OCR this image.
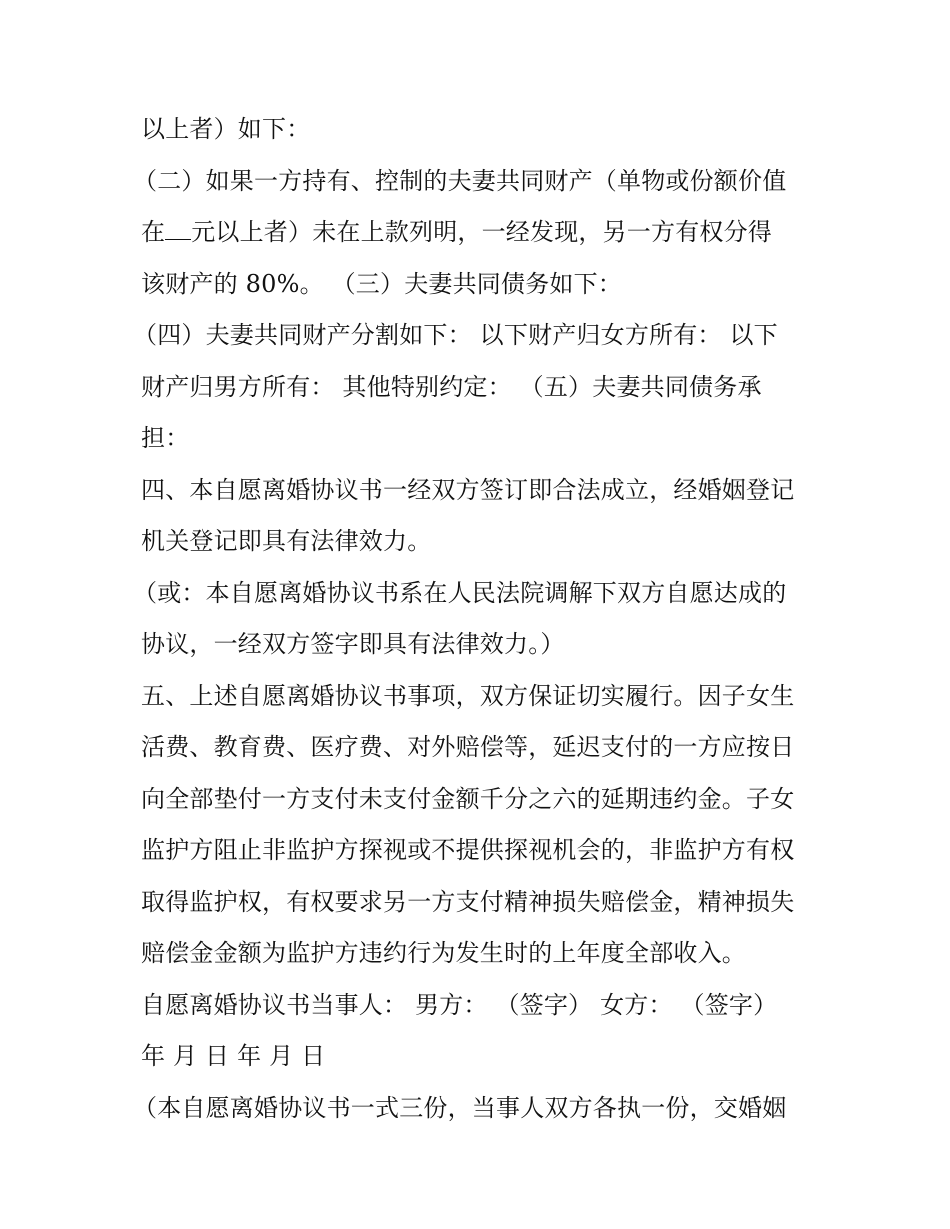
以上者）如下：
（二）如果一方持有、控制的夫妻共同财产（单物或份额价值
在 元以上者）未在上款列明，一经发现，另一方有权分得
该财产的 80%。 （三）夫妻共同债务如下：
（四）夫妻共同财产分割如下： 以下财产归女方所有： 以下
财产归男方所有： 其他特别约定： （五）夫妻共同债务承
担：
四、本自愿离婚协议书一经双方签订即合法成立，经婚姻登记
机关登记即具有法律效力。
（或：本自愿离婚协议书系在人民法院调解下双方自愿达成的
协议，一经双方签字即具有法律效力。）
五、上述自愿离婚协议书事项，双方保证切实履行。因子女生
活费、教育费、医疗费、对外赔偿等，延迟支付的一方应按日
向全部垫付一方支付未支付金额千分之六的延期违约金。子女
监护方阻止非监护方探视或不提供探视机会的，非监护方有权
取得监护权，有权要求另一方支付精神损失赔偿金，精神损失
赔偿金金额为监护方违约行为发生时的上年度全部收入。
自愿离婚协议书当事人： 男方： （签字） 女方： （签字）
年 月 日 年 月 日
（本自愿离婚协议书一式三份，当事人双方各执一份，交婚姻
